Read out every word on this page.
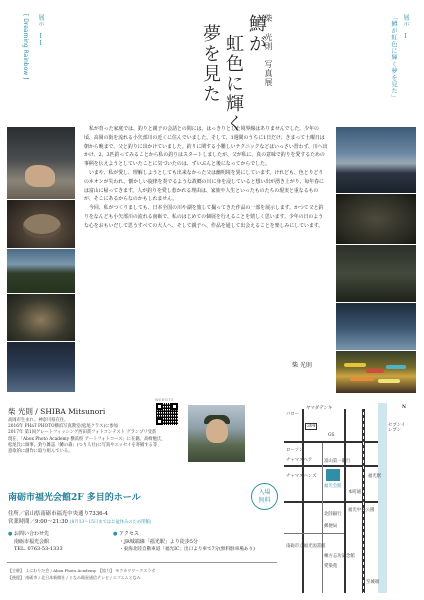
[ Dreaming Rainbow ] 展示 II	柴 光則　写真展
鱒が
虹色に輝く
夢を見た	展示 I
「鱒が虹色に輝く夢を見た」

私が育った家庭では、釣りと親子の会話との間には、はっきりとした境界線はありませんでした。少年の頃、高岡の街を流れる小矢部川の近くに住んでいました。そして、1週間のうちに1日だけ、きまって土曜日は朝から晩まで、父と釣りに出かけていました。釣りに関する小難しいテクニックなどはいっさい習わず、川へ出かけ、2、3匹釣ってみることから私の釣りはスタートしましたが、父が私に、真の意味で釣りを愛するための事柄を伝えようとしていたことに気づいたのは、ずいぶんと後になってからでした。

いまや、私が愛し、理解しようとしても出来なかった父は幽明境を異にしています。けれども、色とりどりのネオンが失われ、懐かしい旋律を奏でるような故郷の川に身を浸していると想い出が湧き上がり、毎年春には富山に帰ってきます。人が釣りを愛し惹かれる理由は、家族や人生といったものたちの現実と重なるものが、そこにあるからなのかもしれません。

今回、私がつくりましても、日本全国の川や湖を旅して撮ってきた作品の一部を展示します。かつて父と釣りをなんども小矢部川の流れる南砺で、私のはじめての個展を行えることを嬉しく思います。少年の日のような心をおもいだして思うすべての大人へ、そして親子へ、作品を通して出会えることを楽しみにしています。

柴 光則
柴 光則 / SHIBA Mitsunori
高岡市生まれ。神奈川県在住。
2016年 PHaT PHOTO横浜写真教室(松尾クラス)に参加
2017年 第1回グレートフィッシング西田賞フォトコンテスト グランプリ受賞
現在、「Abox Photo Academy 横浜校 アートフォトコース」に在籍。高崎勉氏、
松尾氏に師事。釣り雑誌「鱒の森」(つり人社)に写真やエッセイを寄稿する等、
意欲的に創作に取り組んでいる。
WEBSITE
南砺市福光会館2F 多目的ホール
住所／富山県南砺市福光中央通り7336-4
営業時間／9:00〜21:30 (8月13〜15日まではお盆休みのため閉館)
入場
無料
● お問い合わせ先
南砺市福光会館
TEL. 0763-53-1333
● アクセス
・JR城端線「福光駅」より徒歩5分
・東海北陸自動車道「福光IC」出口より車で7分(無料駐車場あり)
【主催】 よにわりだ会 / Abox Photo Academy　【協力】 モクカワワークスラボ
【後援】 南砺市 / 北日本新聞社 / となみ衛星通信テレビ / エフエムとなみ
バロー
ヤマダデンキ
GS
セブンイレブン
ローソン
チャマスヘア	富山第一銀行
福光会館
福光駅
本町通り
チャマスハンズ
北陸銀行
郵便局
福光中央公園
南砺市立福光図書館
棟方志功記念館
愛染苑
N
304
至城端
